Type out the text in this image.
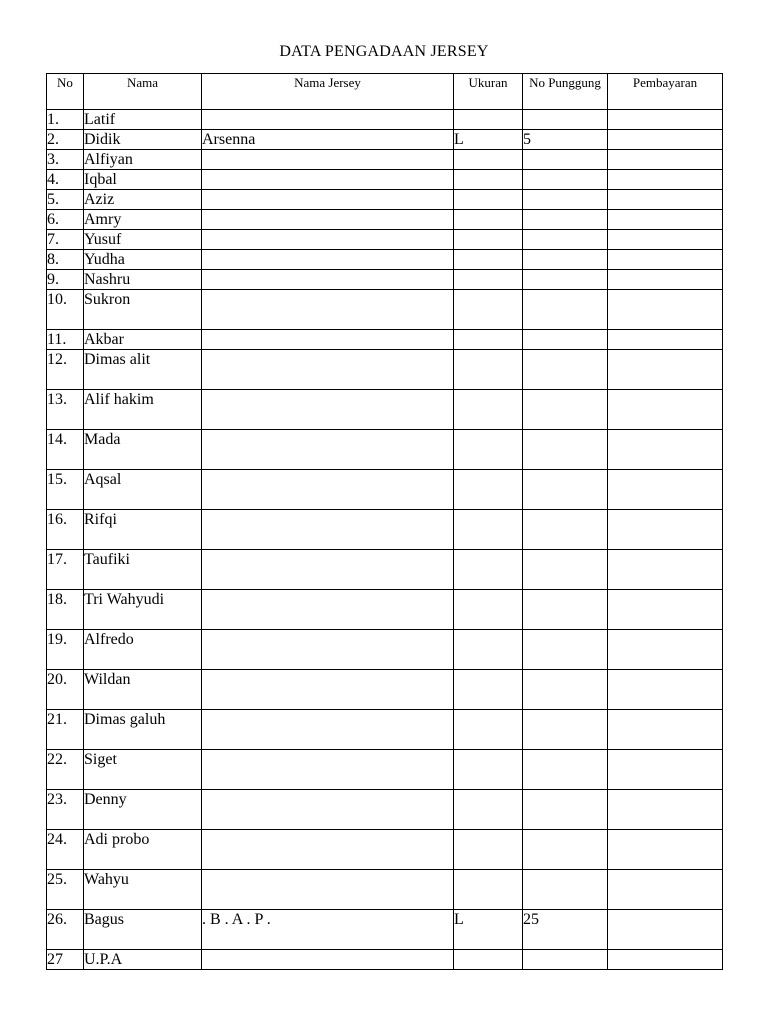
DATA PENGADAAN JERSEY
No	Nama	Nama Jersey	Ukuran	No Punggung	Pembayaran

1.	Latif				

2.	Didik	Arsenna	L	5	

3.	Alfiyan				

4.	Iqbal				

5.	Aziz				

6.	Amry				

7.	Yusuf				

8.	Yudha				

9.	Nashru				

10.	Sukron				

11.	Akbar				

12.	Dimas alit				

13.	Alif hakim				

14.	Mada				

15.	Aqsal				

16.	Rifqi				

17.	Taufiki				

18.	Tri Wahyudi				

19.	Alfredo				

20.	Wildan				

21.	Dimas galuh				

22.	Siget				

23.	Denny				

24.	Adi probo				

25.	Wahyu				

26.	Bagus	. B . A . P .	L	25	

27	U.P.A				
